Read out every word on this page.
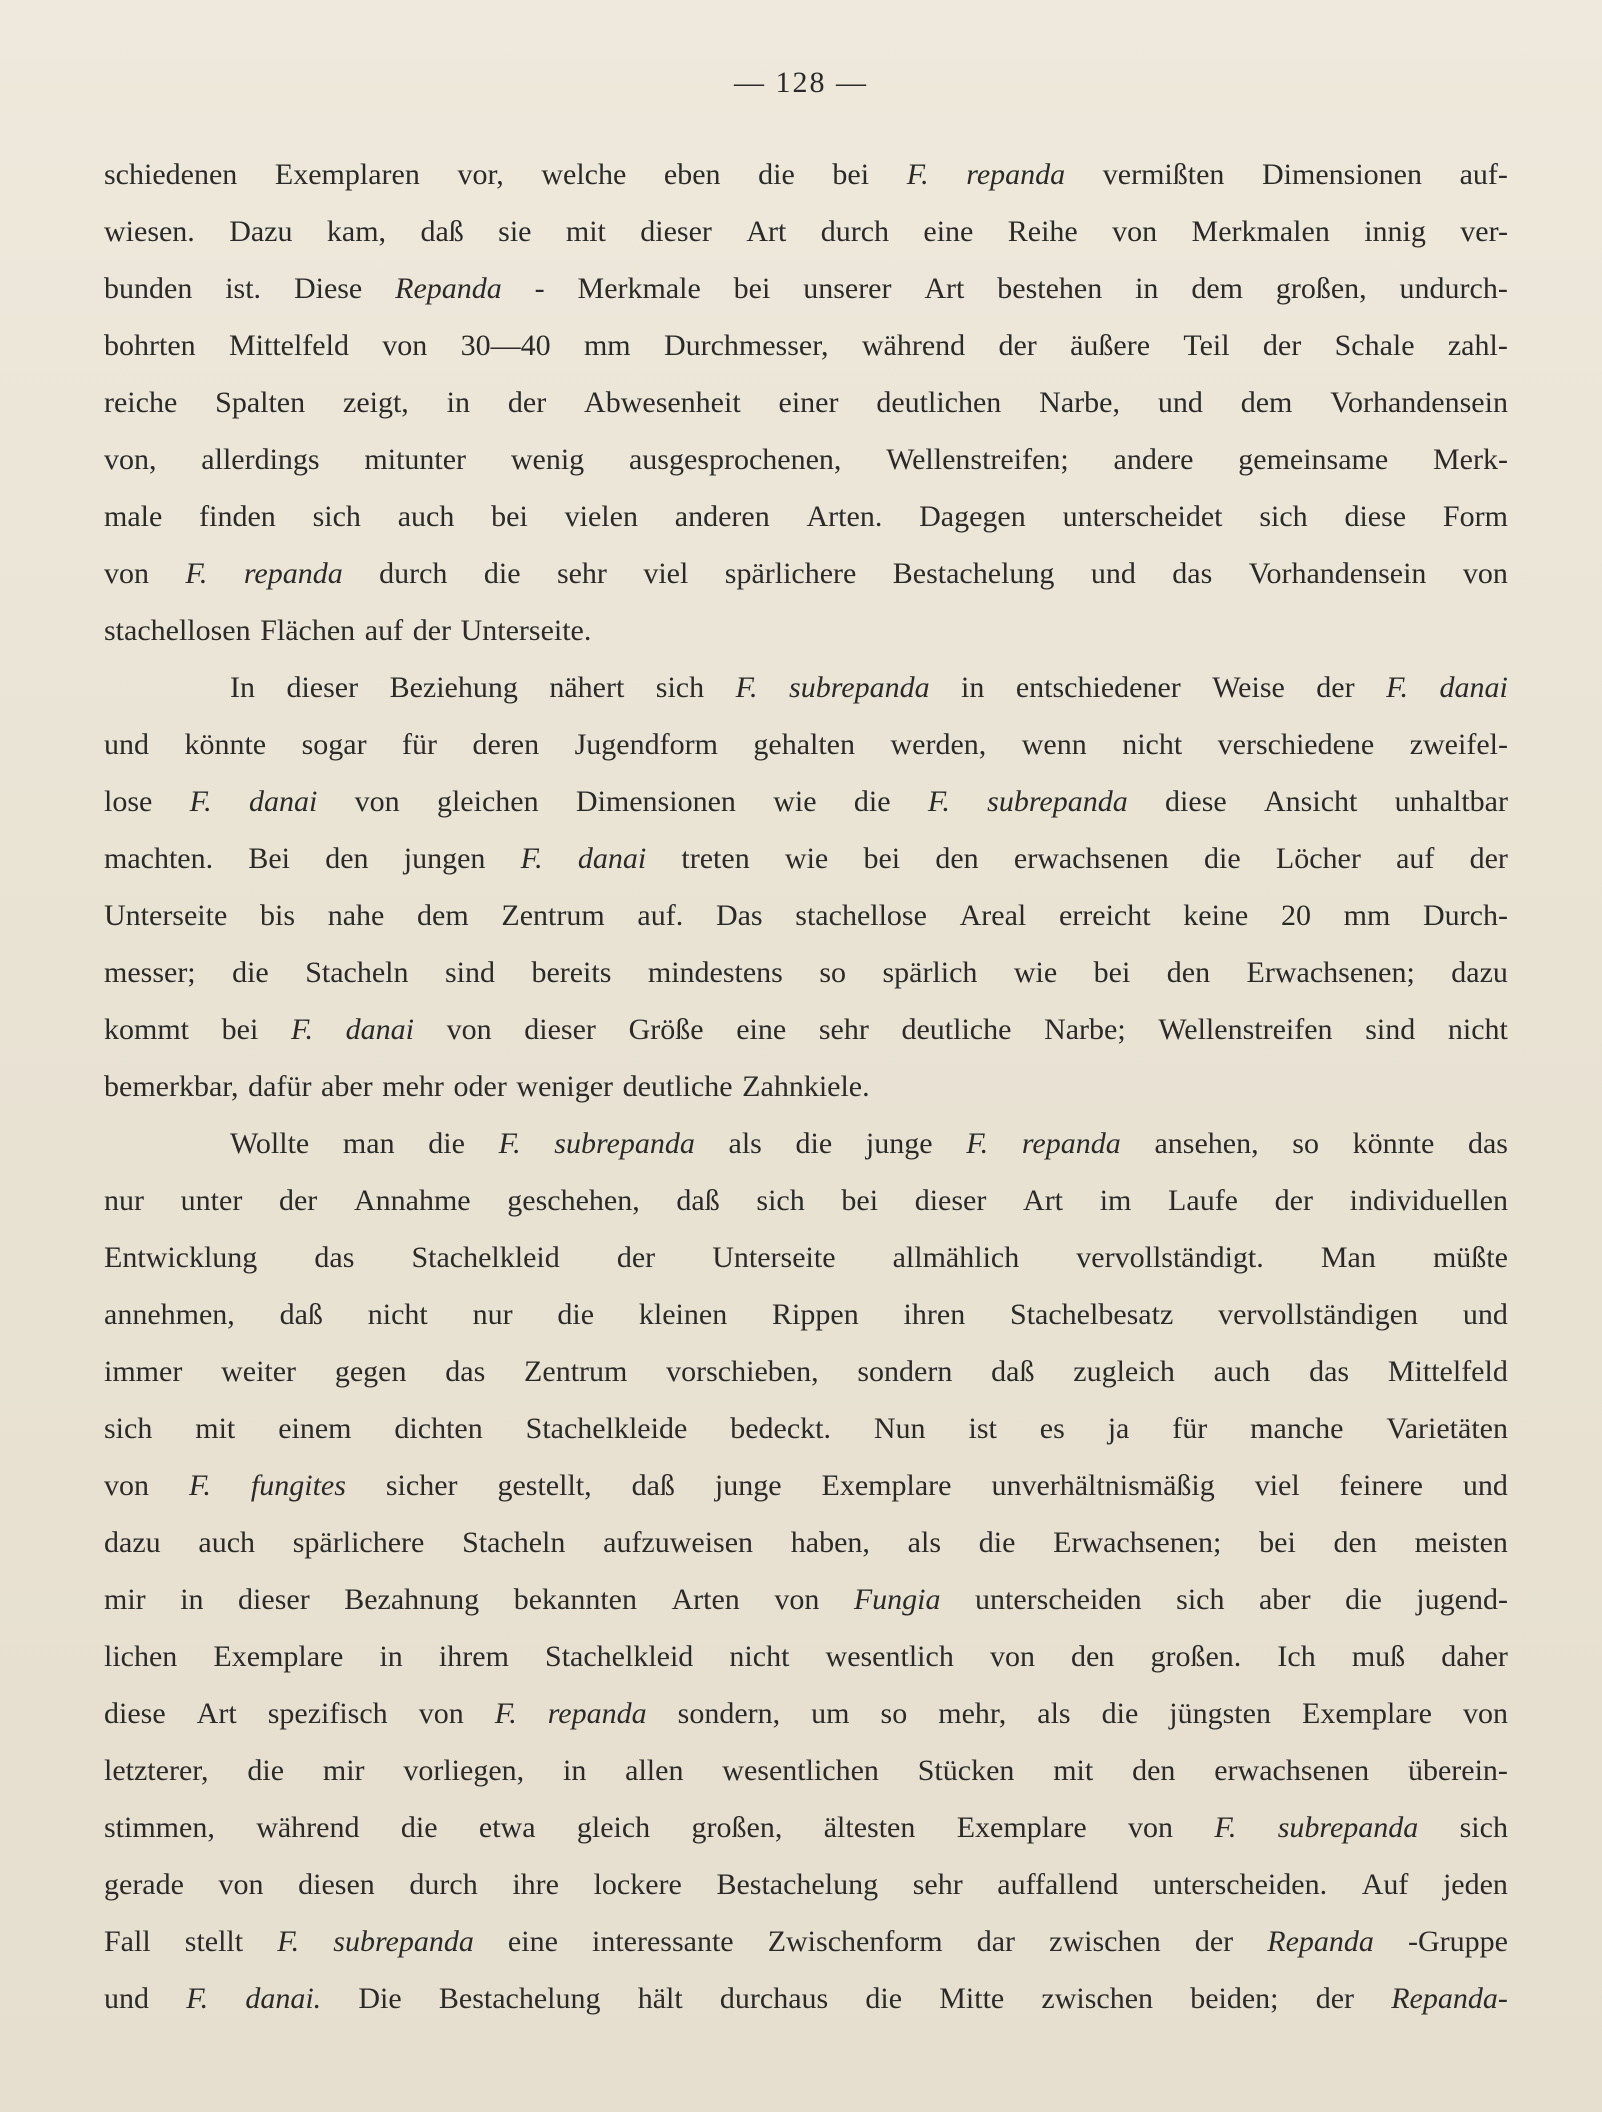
— 128 —
schiedenen Exemplaren vor, welche eben die bei F. repanda vermißten Dimensionen auf-
wiesen. Dazu kam, daß sie mit dieser Art durch eine Reihe von Merkmalen innig ver-
bunden ist. Diese Repanda - Merkmale bei unserer Art bestehen in dem großen, undurch-
bohrten Mittelfeld von 30—40 mm Durchmesser, während der äußere Teil der Schale zahl-
reiche Spalten zeigt, in der Abwesenheit einer deutlichen Narbe, und dem Vorhandensein
von, allerdings mitunter wenig ausgesprochenen, Wellenstreifen; andere gemeinsame Merk-
male finden sich auch bei vielen anderen Arten. Dagegen unterscheidet sich diese Form
von F. repanda durch die sehr viel spärlichere Bestachelung und das Vorhandensein von
stachellosen Flächen auf der Unterseite.
In dieser Beziehung nähert sich F. subrepanda in entschiedener Weise der F. danai
und könnte sogar für deren Jugendform gehalten werden, wenn nicht verschiedene zweifel-
lose F. danai von gleichen Dimensionen wie die F. subrepanda diese Ansicht unhaltbar
machten. Bei den jungen F. danai treten wie bei den erwachsenen die Löcher auf der
Unterseite bis nahe dem Zentrum auf. Das stachellose Areal erreicht keine 20 mm Durch-
messer; die Stacheln sind bereits mindestens so spärlich wie bei den Erwachsenen; dazu
kommt bei F. danai von dieser Größe eine sehr deutliche Narbe; Wellenstreifen sind nicht
bemerkbar, dafür aber mehr oder weniger deutliche Zahnkiele.
Wollte man die F. subrepanda als die junge F. repanda ansehen, so könnte das
nur unter der Annahme geschehen, daß sich bei dieser Art im Laufe der individuellen
Entwicklung das Stachelkleid der Unterseite allmählich vervollständigt. Man müßte
annehmen, daß nicht nur die kleinen Rippen ihren Stachelbesatz vervollständigen und
immer weiter gegen das Zentrum vorschieben, sondern daß zugleich auch das Mittelfeld
sich mit einem dichten Stachelkleide bedeckt. Nun ist es ja für manche Varietäten
von F. fungites sicher gestellt, daß junge Exemplare unverhältnismäßig viel feinere und
dazu auch spärlichere Stacheln aufzuweisen haben, als die Erwachsenen; bei den meisten
mir in dieser Bezahnung bekannten Arten von Fungia unterscheiden sich aber die jugend-
lichen Exemplare in ihrem Stachelkleid nicht wesentlich von den großen. Ich muß daher
diese Art spezifisch von F. repanda sondern, um so mehr, als die jüngsten Exemplare von
letzterer, die mir vorliegen, in allen wesentlichen Stücken mit den erwachsenen überein-
stimmen, während die etwa gleich großen, ältesten Exemplare von F. subrepanda sich
gerade von diesen durch ihre lockere Bestachelung sehr auffallend unterscheiden. Auf jeden
Fall stellt F. subrepanda eine interessante Zwischenform dar zwischen der Repanda -Gruppe
und F. danai. Die Bestachelung hält durchaus die Mitte zwischen beiden; der Repanda-
